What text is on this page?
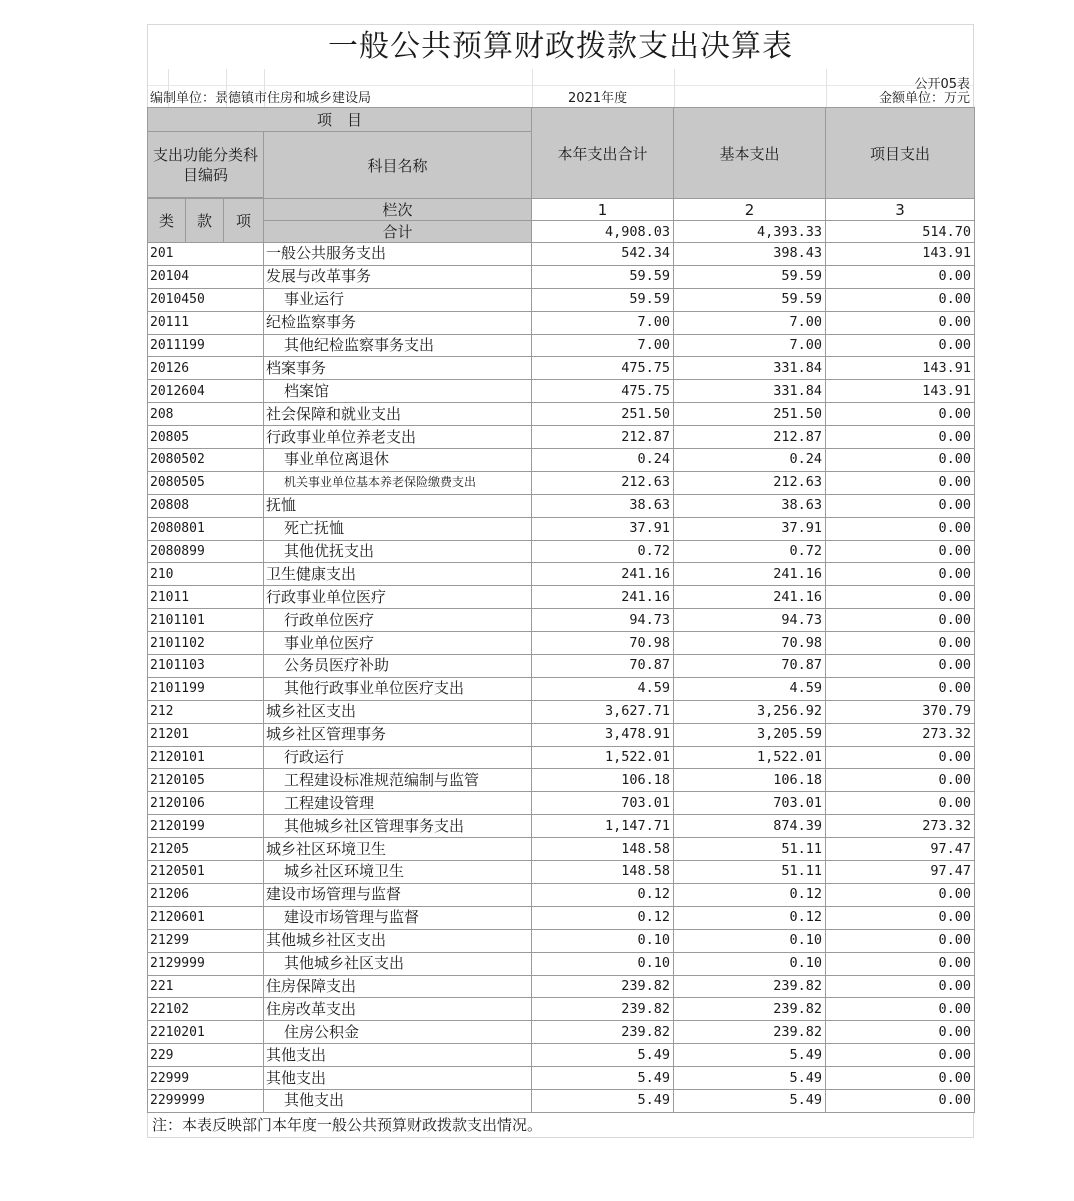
一般公共预算财政拨款支出决算表
编制单位：景德镇市住房和城乡建设局	2021年度
公开05表
金额单位：万元
项　目				本年支出合计	基本支出	项目支出
支出功能分类科目编码			科目名称			

类	款	项	栏次	1	2	3
			合计	4,908.03	4,393.33	514.70
201			一般公共服务支出	542.34	398.43	143.91
20104			发展与改革事务	59.59	59.59	0.00
2010450			事业运行	59.59	59.59	0.00
20111			纪检监察事务	7.00	7.00	0.00
2011199			其他纪检监察事务支出	7.00	7.00	0.00
20126			档案事务	475.75	331.84	143.91
2012604			档案馆	475.75	331.84	143.91
208			社会保障和就业支出	251.50	251.50	0.00
20805			行政事业单位养老支出	212.87	212.87	0.00
2080502			事业单位离退休	0.24	0.24	0.00
2080505			机关事业单位基本养老保险缴费支出	212.63	212.63	0.00
20808			抚恤	38.63	38.63	0.00
2080801			死亡抚恤	37.91	37.91	0.00
2080899			其他优抚支出	0.72	0.72	0.00
210			卫生健康支出	241.16	241.16	0.00
21011			行政事业单位医疗	241.16	241.16	0.00
2101101			行政单位医疗	94.73	94.73	0.00
2101102			事业单位医疗	70.98	70.98	0.00
2101103			公务员医疗补助	70.87	70.87	0.00
2101199			其他行政事业单位医疗支出	4.59	4.59	0.00
212			城乡社区支出	3,627.71	3,256.92	370.79
21201			城乡社区管理事务	3,478.91	3,205.59	273.32
2120101			行政运行	1,522.01	1,522.01	0.00
2120105			工程建设标准规范编制与监管	106.18	106.18	0.00
2120106			工程建设管理	703.01	703.01	0.00
2120199			其他城乡社区管理事务支出	1,147.71	874.39	273.32
21205			城乡社区环境卫生	148.58	51.11	97.47
2120501			城乡社区环境卫生	148.58	51.11	97.47
21206			建设市场管理与监督	0.12	0.12	0.00
2120601			建设市场管理与监督	0.12	0.12	0.00
21299			其他城乡社区支出	0.10	0.10	0.00
2129999			其他城乡社区支出	0.10	0.10	0.00
221			住房保障支出	239.82	239.82	0.00
22102			住房改革支出	239.82	239.82	0.00
2210201			住房公积金	239.82	239.82	0.00
229			其他支出	5.49	5.49	0.00
22999			其他支出	5.49	5.49	0.00
2299999			其他支出	5.49	5.49	0.00
注：本表反映部门本年度一般公共预算财政拨款支出情况。
